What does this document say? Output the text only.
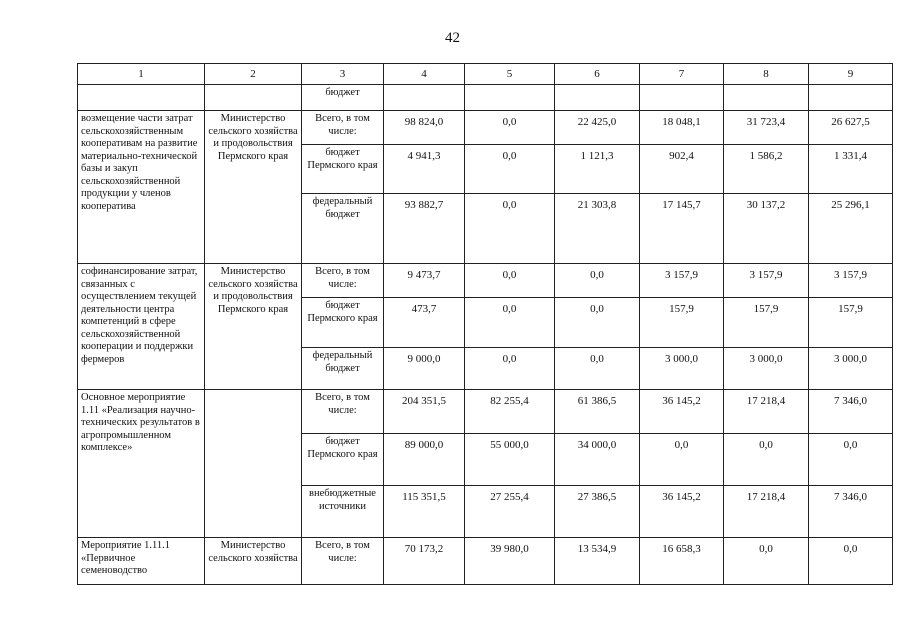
42
1	2	3	4	5	6	7	8	9
		бюджет						
возмещение части затрат сельскохозяйственным кооперативам на развитие материально-технической базы и закуп сельскохозяйственной продукции у членов кооператива	Министерство сельского хозяйства и продовольствия Пермского края	Всего, в том числе:	98 824,0	0,0	22 425,0	18 048,1	31 723,4	26 627,5
		бюджет Пермского края	4 941,3	0,0	1 121,3	902,4	1 586,2	1 331,4
		федеральный бюджет	93 882,7	0,0	21 303,8	17 145,7	30 137,2	25 296,1
софинансирование затрат, связанных с осуществлением текущей деятельности центра компетенций в сфере сельскохозяйственной кооперации и поддержки фермеров	Министерство сельского хозяйства и продовольствия Пермского края	Всего, в том числе:	9 473,7	0,0	0,0	3 157,9	3 157,9	3 157,9
		бюджет Пермского края	473,7	0,0	0,0	157,9	157,9	157,9
		федеральный бюджет	9 000,0	0,0	0,0	3 000,0	3 000,0	3 000,0
Основное мероприятие 1.11 «Реализация научно-технических результатов в агропромышленном комплексе»		Всего, в том числе:	204 351,5	82 255,4	61 386,5	36 145,2	17 218,4	7 346,0
		бюджет Пермского края	89 000,0	55 000,0	34 000,0	0,0	0,0	0,0
		внебюджетные источники	115 351,5	27 255,4	27 386,5	36 145,2	17 218,4	7 346,0
Мероприятие 1.11.1 «Первичное семеноводство	Министерство сельского хозяйства	Всего, в том числе:	70 173,2	39 980,0	13 534,9	16 658,3	0,0	0,0
